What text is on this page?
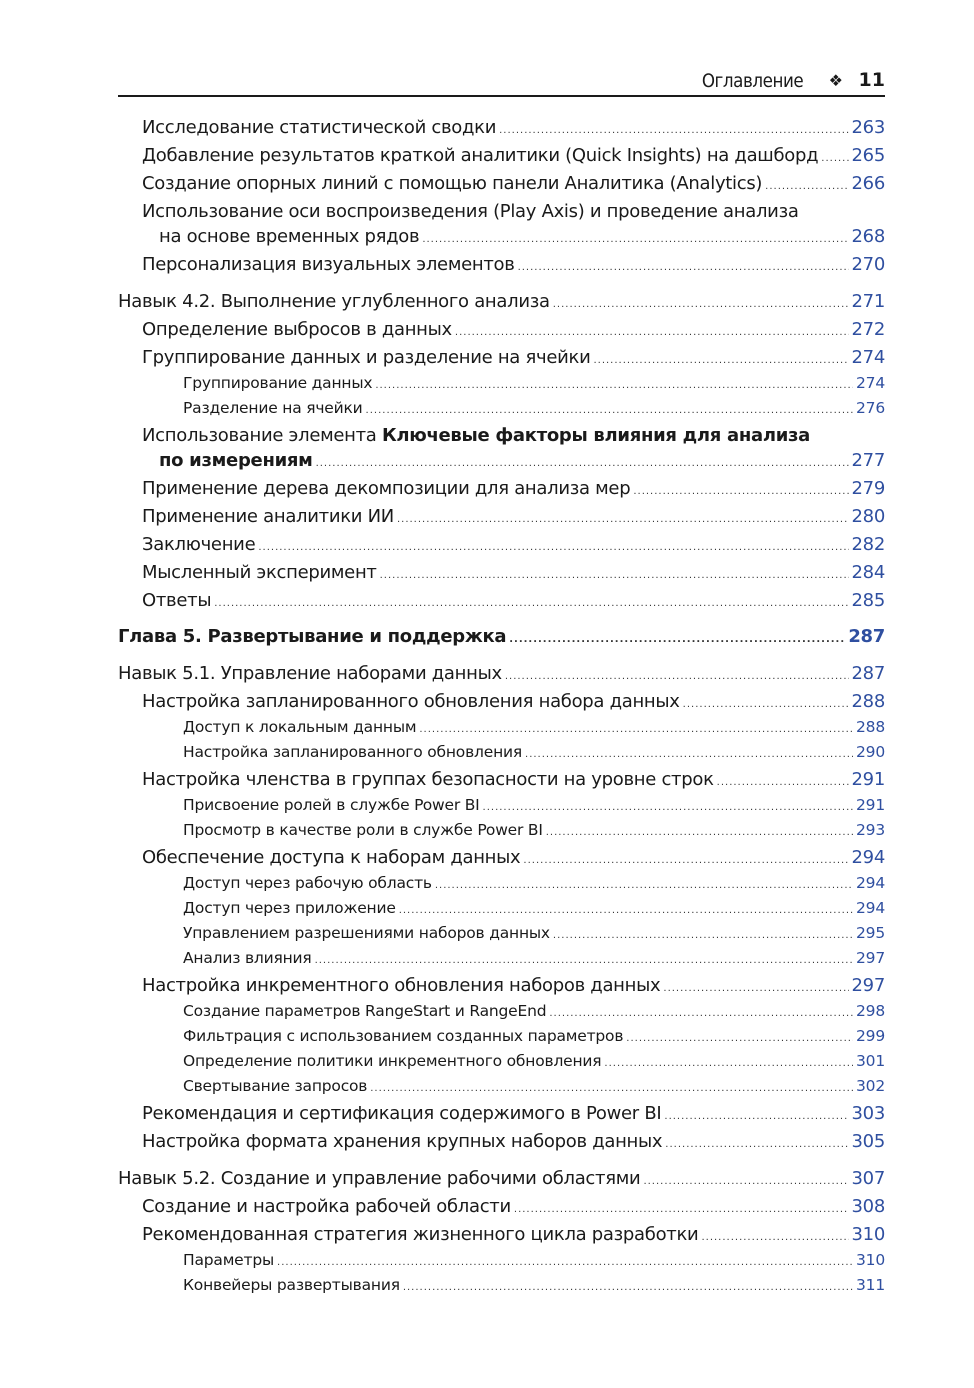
Оглавление ❖ 11
Исследование статистической сводки .....	263
Добавление результатов краткой аналитики (Quick Insights) на дашборд ..... 265
Создание опорных линий с помощью панели Аналитика (Analytics) .....	266
Использование оси воспроизведения (Play Axis) и проведение анализа
на основе временных рядов .....	268
Персонализация визуальных элементов .....	270
Навык 4.2. Выполнение углубленного анализа .....	271
Определение выбросов в данных .....	272
Группирование данных и разделение на ячейки .....	274
Группирование данных .....	274
Разделение на ячейки .....	276
Использование элемента Ключевые факторы влияния для анализа
по измерениям .....	277
Применение дерева декомпозиции для анализа мер .....	279
Применение аналитики ИИ .....	280
Заключение .....	282
Мысленный эксперимент .....	284
Ответы .....	285
Глава 5. Развертывание и поддержка .....	287
Навык 5.1. Управление наборами данных .....	287
Настройка запланированного обновления набора данных .....	288
Доступ к локальным данным .....	288
Настройка запланированного обновления .....	290
Настройка членства в группах безопасности на уровне строк .....	291
Присвоение ролей в службе Power BI .....	291
Просмотр в качестве роли в службе Power BI .....	293
Обеспечение доступа к наборам данных .....	294
Доступ через рабочую область .....	294
Доступ через приложение .....	294
Управлением разрешениями наборов данных .....	295
Анализ влияния .....	297
Настройка инкрементного обновления наборов данных .....	297
Создание параметров RangeStart и RangeEnd .....	298
Фильтрация с использованием созданных параметров .....	299
Определение политики инкрементного обновления .....	301
Свертывание запросов .....	302
Рекомендация и сертификация содержимого в Power BI .....	303
Настройка формата хранения крупных наборов данных .....	305
Навык 5.2. Создание и управление рабочими областями .....	307
Создание и настройка рабочей области .....	308
Рекомендованная стратегия жизненного цикла разработки .....	310
Параметры .....	310
Конвейеры развертывания .....	311
